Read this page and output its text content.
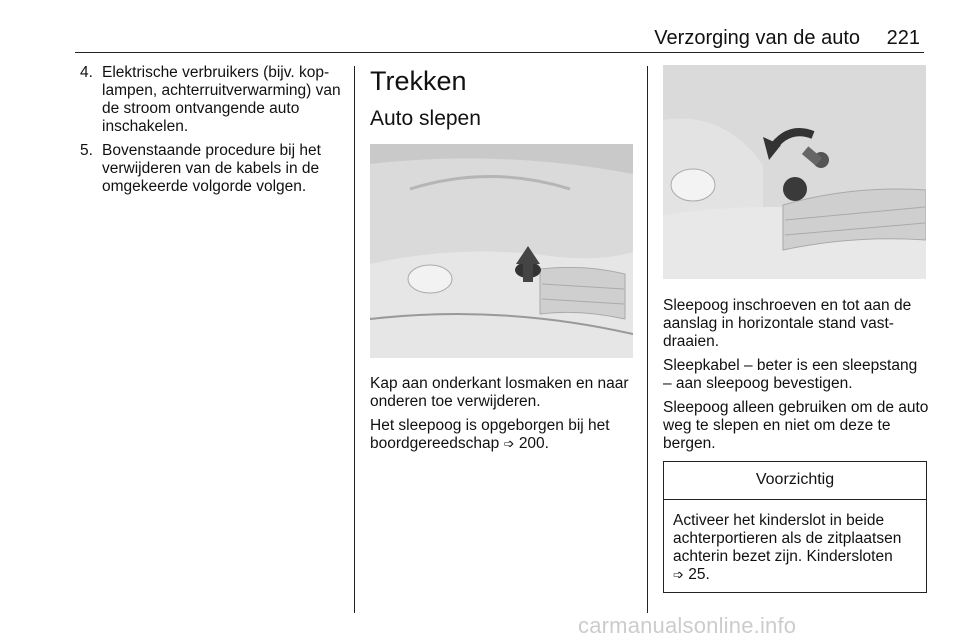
Verzorging van de auto 221
4. Elektrische verbruikers (bijv. kop-lampen, achterruitverwarming) van de stroom ontvangende auto inschakelen.
5. Bovenstaande procedure bij het verwijderen van de kabels in de omgekeerde volgorde volgen.
Trekken
Auto slepen

Kap aan onderkant losmaken en naar onderen toe verwijderen.

Het sleepoog is opgeborgen bij het boordgereedschap ➩ 200.

Sleepoog inschroeven en tot aan de aanslag in horizontale stand vast-draaien.

Sleepkabel – beter is een sleepstang – aan sleepoog bevestigen.

Sleepoog alleen gebruiken om de auto weg te slepen en niet om deze te bergen.

Voorzichtig
Activeer het kinderslot in beide achterportieren als de zitplaatsen achterin bezet zijn. Kindersloten
➩ 25.
carmanualsonline.info
